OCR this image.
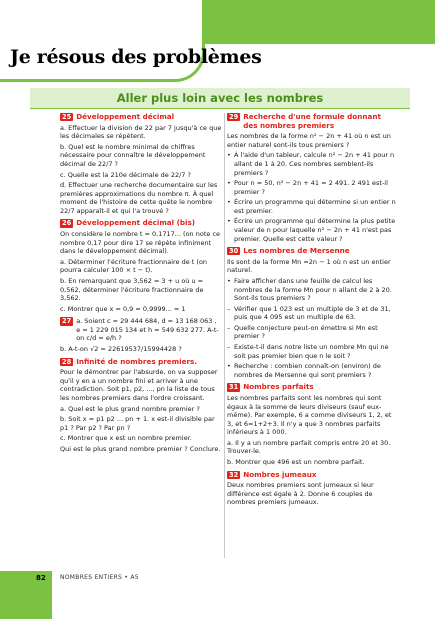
Je résous des problèmes
Aller plus loin avec les nombres
25 Développement décimal

a. Effectuer la division de 22 par 7 jusqu'à ce que les décimales se répètent.

b. Quel est le nombre minimal de chiffres nécessaire pour connaître le développement décimal de 22/7 ?

c. Quelle est la 210e décimale de 22/7 ?

d. Effectuer une recherche documentaire sur les premières approximations du nombre π. À quel moment de l'histoire de cette quête le nombre 22/7 apparaît-il et qui l'a trouvé ?

26 Développement décimal (bis)

On considère le nombre t = 0,1717... (on note ce nombre 0,17 pour dire 17 se répète infiniment dans le développement décimal).

a. Déterminer l'écriture fractionnaire de t (on pourra calculer 100 × t − t).

b. En remarquant que 3,562 = 3 + u où u = 0,562, déterminer l'écriture fractionnaire de 3,562.

c. Montrer que x = 0,9 = 0,9999... = 1

27 a. Soient c = 29 444 684, d = 13 168 063 , e = 1 229 015 134 et h = 549 632 277. A-t-on c/d = e/h ?

b. A-t-on √2 = 22619537/15994428 ?

28 Infinité de nombres premiers.

Pour le démontrer par l'absurde, on va supposer qu'il y en a un nombre fini et arriver à une contradiction. Soit p1, p2, ..., pn la liste de tous les nombres premiers dans l'ordre croissant.

a. Quel est le plus grand nombre premier ?

b. Soit x = p1 p2 ... pn + 1. x est-il divisible par p1 ? Par p2 ? Par pn ?

c. Montrer que x est un nombre premier.

Qui est le plus grand nombre premier ? Conclure.

29 Recherche d'une formule donnant des nombres premiers

Les nombres de la forme n² − 2n + 41 où n est un entier naturel sont-ils tous premiers ?

• À l'aide d'un tableur, calcule n² − 2n + 41 pour n allant de 1 à 20. Ces nombres semblent-ils premiers ?
• Pour n = 50, n² − 2n + 41 = 2 491. 2 491 est-il premier ?
• Écrire un programme qui détermine si un entier n est premier.
• Écrire un programme qui détermine la plus petite valeur de n pour laquelle n² − 2n + 41 n'est pas premier. Quelle est cette valeur ?
30 Les nombres de Mersenne

Ils sont de la forme Mn =2n − 1 où n est un entier naturel.

• Faire afficher dans une feuille de calcul les nombres de la forme Mn pour n allant de 2 à 20. Sont-ils tous premiers ?
– Vérifier que 1 023 est un multiple de 3 et de 31, puis que 4 095 est un multiple de 63.
– Quelle conjecture peut-on émettre si Mn est premier ?
– Existe-t-il dans notre liste un nombre Mn qui ne soit pas premier bien que n le soit ?
• Recherche : combien connaît-on (environ) de nombres de Mersenne qui sont premiers ?
31 Nombres parfaits

Les nombres parfaits sont les nombres qui sont égaux à la somme de leurs diviseurs (sauf eux-même). Par exemple, 6 a comme diviseurs 1, 2, et 3, et 6=1+2+3. Il n'y a que 3 nombres parfaits inférieurs à 1 000.

a. Il y a un nombre parfait compris entre 20 et 30. Trouver-le.

b. Montrer que 496 est un nombre parfait.

32 Nombres jumeaux

Deux nombres premiers sont jumeaux si leur différence est égale à 2. Donne 6 couples de nombres premiers jumeaux.

82 NOMBRES ENTIERS • A5
